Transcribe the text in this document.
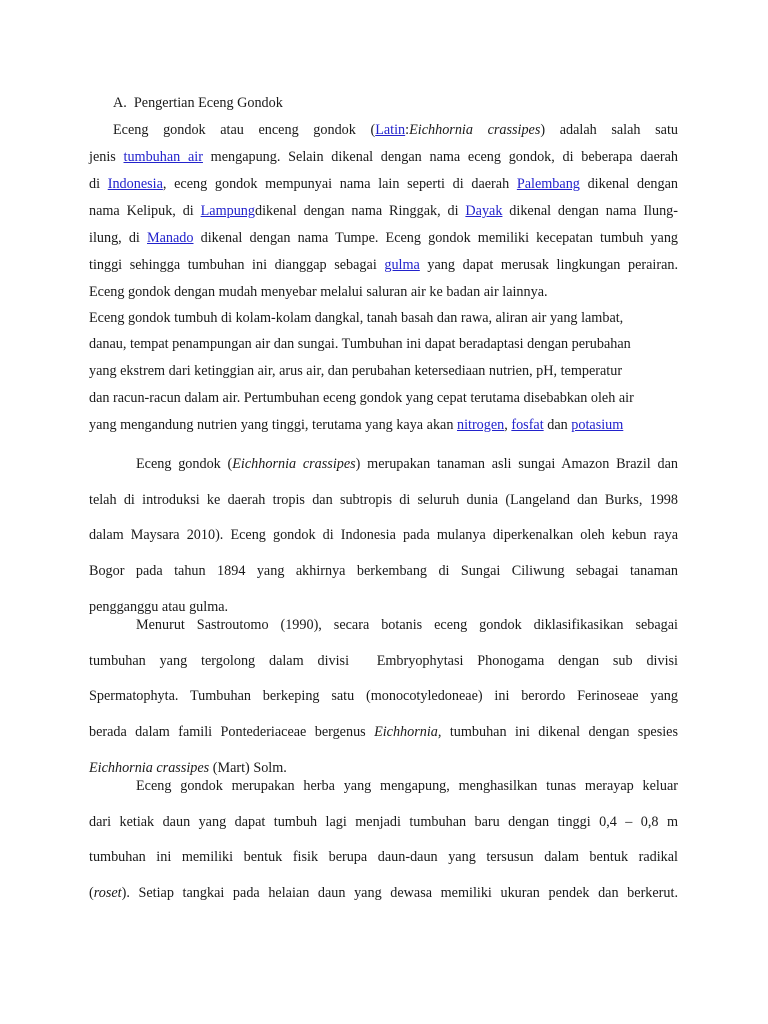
A. Pengertian Eceng Gondok
Eceng gondok atau enceng gondok (Latin:Eichhornia crassipes) adalah salah satu
jenis tumbuhan air mengapung. Selain dikenal dengan nama eceng gondok, di beberapa daerah
di Indonesia, eceng gondok mempunyai nama lain seperti di daerah Palembang dikenal dengan
nama Kelipuk, di Lampungdikenal dengan nama Ringgak, di Dayak dikenal dengan nama Ilung-
ilung, di Manado dikenal dengan nama Tumpe. Eceng gondok memiliki kecepatan tumbuh yang
tinggi sehingga tumbuhan ini dianggap sebagai gulma yang dapat merusak lingkungan perairan.
Eceng gondok dengan mudah menyebar melalui saluran air ke badan air lainnya.
Eceng gondok tumbuh di kolam-kolam dangkal, tanah basah dan rawa, aliran air yang lambat,
danau, tempat penampungan air dan sungai. Tumbuhan ini dapat beradaptasi dengan perubahan
yang ekstrem dari ketinggian air, arus air, dan perubahan ketersediaan nutrien, pH, temperatur
dan racun-racun dalam air. Pertumbuhan eceng gondok yang cepat terutama disebabkan oleh air
yang mengandung nutrien yang tinggi, terutama yang kaya akan nitrogen, fosfat dan potasium
Eceng gondok (Eichhornia crassipes) merupakan tanaman asli sungai Amazon Brazil dan
telah di introduksi ke daerah tropis dan subtropis di seluruh dunia (Langeland dan Burks, 1998
dalam Maysara 2010). Eceng gondok di Indonesia pada mulanya diperkenalkan oleh kebun raya
Bogor pada tahun 1894 yang akhirnya berkembang di Sungai Ciliwung sebagai tanaman
pengganggu atau gulma.
Menurut Sastroutomo (1990), secara botanis eceng gondok diklasifikasikan sebagai
tumbuhan yang tergolong dalam divisi  Embryophytasi Phonogama dengan sub divisi
Spermatophyta. Tumbuhan berkeping satu (monocotyledoneae) ini berordo Ferinoseae yang
berada dalam famili Pontederiaceae bergenus Eichhornia, tumbuhan ini dikenal dengan spesies
Eichhornia crassipes (Mart) Solm.
Eceng gondok merupakan herba yang mengapung, menghasilkan tunas merayap keluar
dari ketiak daun yang dapat tumbuh lagi menjadi tumbuhan baru dengan tinggi 0,4 – 0,8 m
tumbuhan ini memiliki bentuk fisik berupa daun-daun yang tersusun dalam bentuk radikal
(roset). Setiap tangkai pada helaian daun yang dewasa memiliki ukuran pendek dan berkerut.
